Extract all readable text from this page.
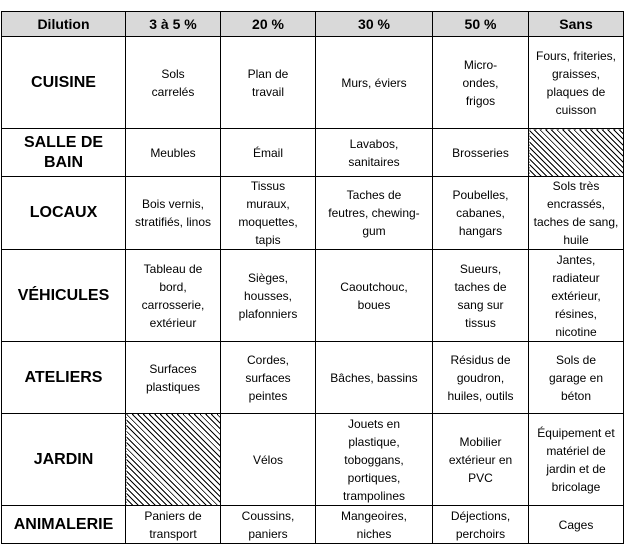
Dilution	3 à 5 %	20 %	30 %	50 %	Sans
CUISINE	Sols carrelés	Plan de travail	Murs, éviers	Micro-ondes, frigos	Fours, friteries, graisses, plaques de cuisson
SALLE DE BAIN	Meubles	Émail	Lavabos, sanitaires	Brosseries	
LOCAUX	Bois vernis, stratifiés, linos	Tissus muraux, moquettes, tapis	Taches de feutres, chewing-gum	Poubelles, cabanes, hangars	Sols très encrassés, taches de sang, huile
VÉHICULES	Tableau de bord, carrosserie, extérieur	Sièges, housses, plafonniers	Caoutchouc, boues	Sueurs, taches de sang sur tissus	Jantes, radiateur extérieur, résines, nicotine
ATELIERS	Surfaces plastiques	Cordes, surfaces peintes	Bâches, bassins	Résidus de goudron, huiles, outils	Sols de garage en béton
JARDIN		Vélos	Jouets en plastique, toboggans, portiques, trampolines	Mobilier extérieur en PVC	Équipement et matériel de jardin et de bricolage
ANIMALERIE	Paniers de transport	Coussins, paniers	Mangeoires, niches	Déjections, perchoirs	Cages
